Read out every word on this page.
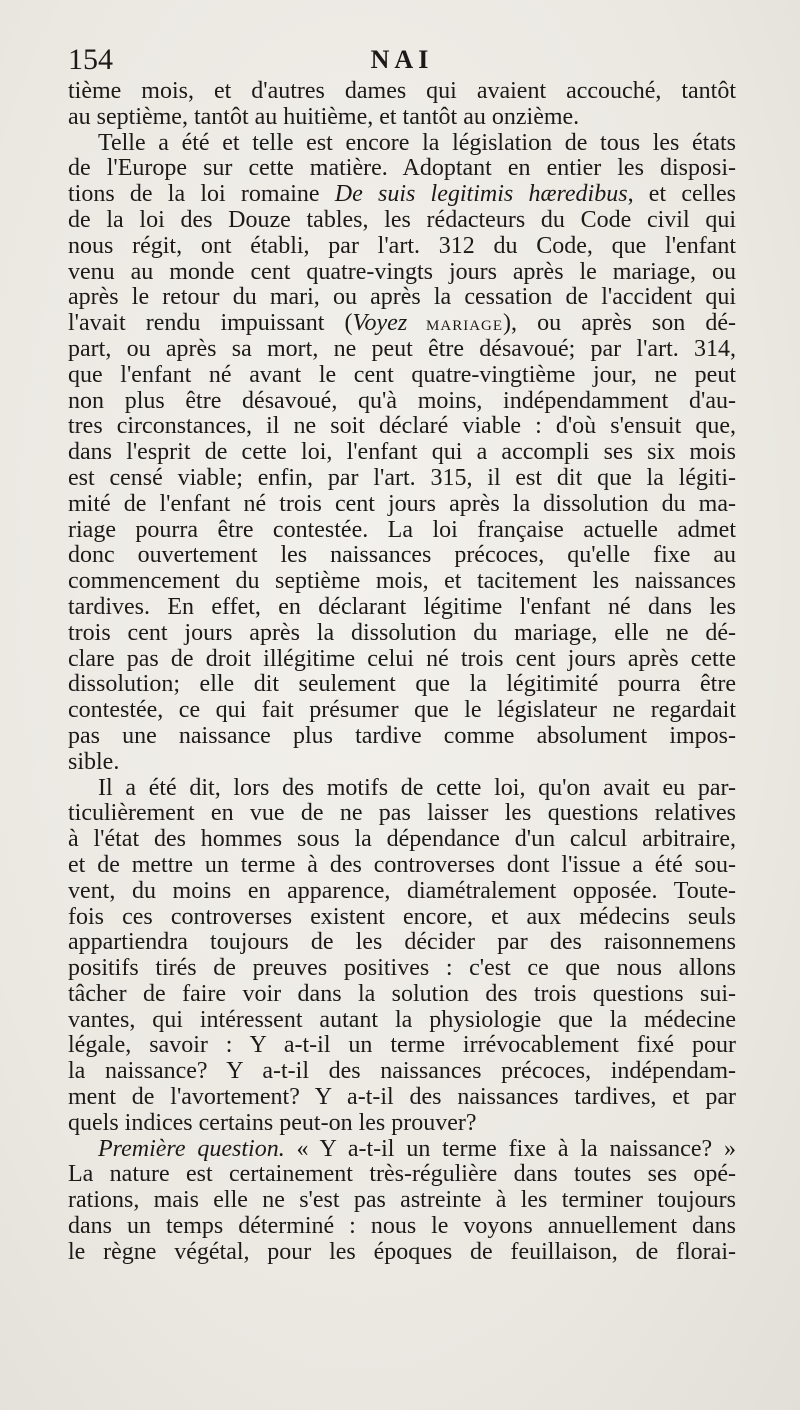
154	NAI
tième mois, et d'autres dames qui avaient accouché, tantôt
au septième, tantôt au huitième, et tantôt au onzième.
Telle a été et telle est encore la législation de tous les états
de l'Europe sur cette matière. Adoptant en entier les disposi-
tions de la loi romaine De suis legitimis hæredibus, et celles
de la loi des Douze tables, les rédacteurs du Code civil qui
nous régit, ont établi, par l'art. 312 du Code, que l'enfant
venu au monde cent quatre-vingts jours après le mariage, ou
après le retour du mari, ou après la cessation de l'accident qui
l'avait rendu impuissant (Voyez MARIAGE), ou après son dé-
part, ou après sa mort, ne peut être désavoué; par l'art. 314,
que l'enfant né avant le cent quatre-vingtième jour, ne peut
non plus être désavoué, qu'à moins, indépendamment d'au-
tres circonstances, il ne soit déclaré viable : d'où s'ensuit que,
dans l'esprit de cette loi, l'enfant qui a accompli ses six mois
est censé viable; enfin, par l'art. 315, il est dit que la légiti-
mité de l'enfant né trois cent jours après la dissolution du ma-
riage pourra être contestée. La loi française actuelle admet
donc ouvertement les naissances précoces, qu'elle fixe au
commencement du septième mois, et tacitement les naissances
tardives. En effet, en déclarant légitime l'enfant né dans les
trois cent jours après la dissolution du mariage, elle ne dé-
clare pas de droit illégitime celui né trois cent jours après cette
dissolution; elle dit seulement que la légitimité pourra être
contestée, ce qui fait présumer que le législateur ne regardait
pas une naissance plus tardive comme absolument impos-
sible.
Il a été dit, lors des motifs de cette loi, qu'on avait eu par-
ticulièrement en vue de ne pas laisser les questions relatives
à l'état des hommes sous la dépendance d'un calcul arbitraire,
et de mettre un terme à des controverses dont l'issue a été sou-
vent, du moins en apparence, diamétralement opposée. Toute-
fois ces controverses existent encore, et aux médecins seuls
appartiendra toujours de les décider par des raisonnemens
positifs tirés de preuves positives : c'est ce que nous allons
tâcher de faire voir dans la solution des trois questions sui-
vantes, qui intéressent autant la physiologie que la médecine
légale, savoir : Y a-t-il un terme irrévocablement fixé pour
la naissance? Y a-t-il des naissances précoces, indépendam-
ment de l'avortement? Y a-t-il des naissances tardives, et par
quels indices certains peut-on les prouver?
Première question. « Y a-t-il un terme fixe à la naissance? »
La nature est certainement très-régulière dans toutes ses opé-
rations, mais elle ne s'est pas astreinte à les terminer toujours
dans un temps déterminé : nous le voyons annuellement dans
le règne végétal, pour les époques de feuillaison, de florai-
